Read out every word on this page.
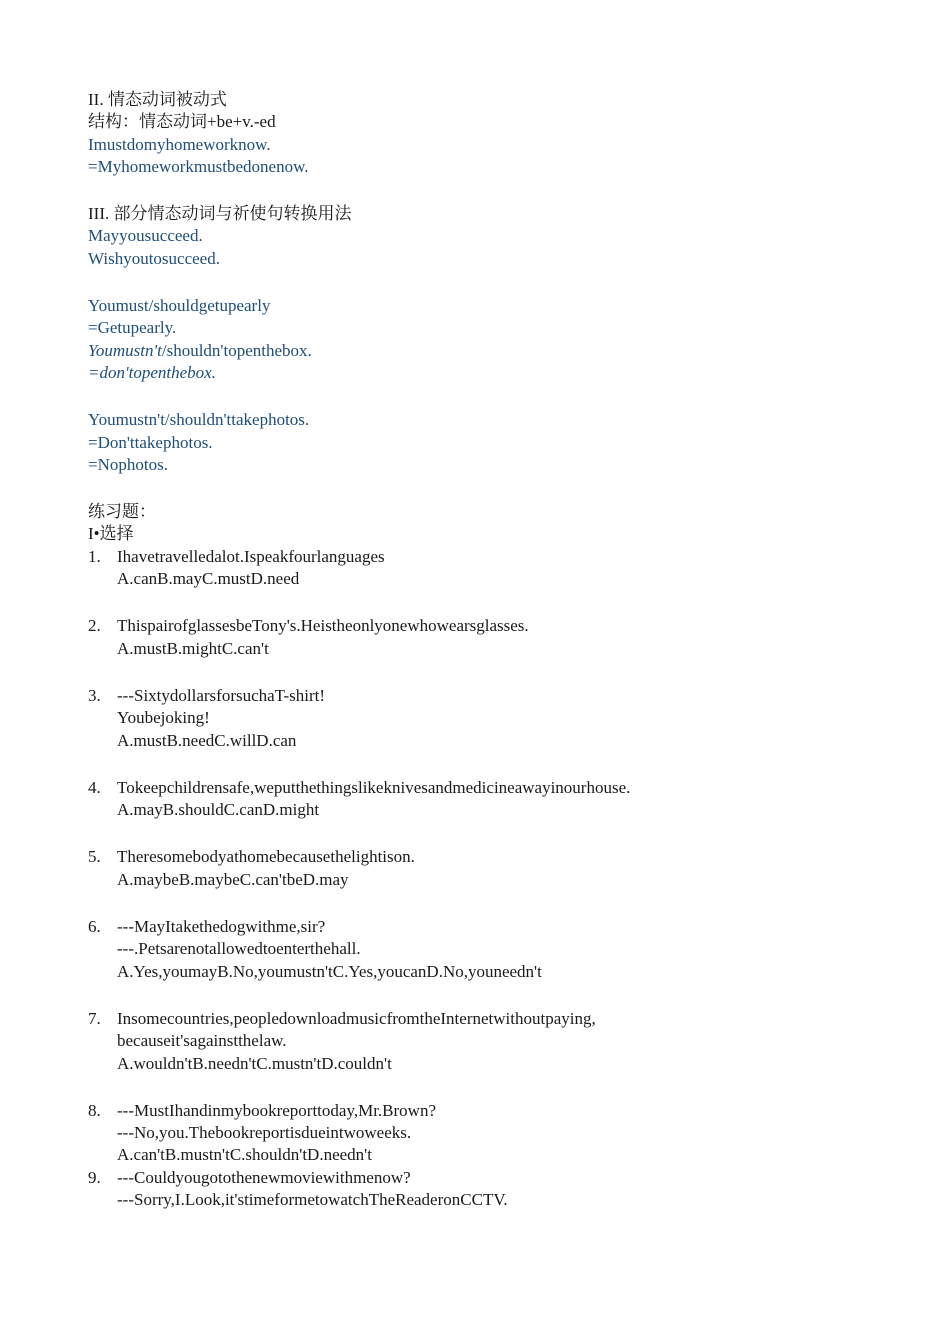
II. 情态动词被动式
结构：情态动词+be+v.-ed
Imustdomyhomeworknow.
=Myhomeworkmustbedonenow.
III. 部分情态动词与祈使句转换用法
Mayyousucceed.
Wishyoutosucceed.
Youmust/shouldgetupearly
=Getupearly.
Youmustn't/shouldn'topenthebox.
=don'topenthebox.
Youmustn't/shouldn'ttakephotos.
=Don'ttakephotos.
=Nophotos.
练习题：
I•选择
1. Ihavetravelledalot.Ispeakfourlanguages
A.canB.mayC.mustD.need
2. ThispairofglassesbeTony's.Heistheonlyonewhowearsglasses.
A.mustB.mightC.can't
3. ---SixtydollarsforsuchaT-shirt!
Youbejoking!
A.mustB.needC.willD.can
4. Tokeepchildrensafe,weputthethingslikeknivesandmedicineawayinourhouse.
A.mayB.shouldC.canD.might
5. Theresomebodyathomebecausethelightison.
A.maybeB.maybeC.can'tbeD.may
6. ---MayItakethedogwithme,sir?
---.Petsarenotallowedtoenterthehall.
A.Yes,youmayB.No,youmustn'tC.Yes,youcanD.No,youneedn't
7. Insomecountries,peopledownloadmusicfromtheInternetwithoutpaying,
becauseit'sagainstthelaw.
A.wouldn'tB.needn'tC.mustn'tD.couldn't
8. ---MustIhandinmybookreporttoday,Mr.Brown?
---No,you.Thebookreportisdueintwoweeks.
A.can'tB.mustn'tC.shouldn'tD.needn't
9. ---Couldyougotothenewmoviewithmenow?
---Sorry,I.Look,it'stimeformetowatchTheReaderonCCTV.
